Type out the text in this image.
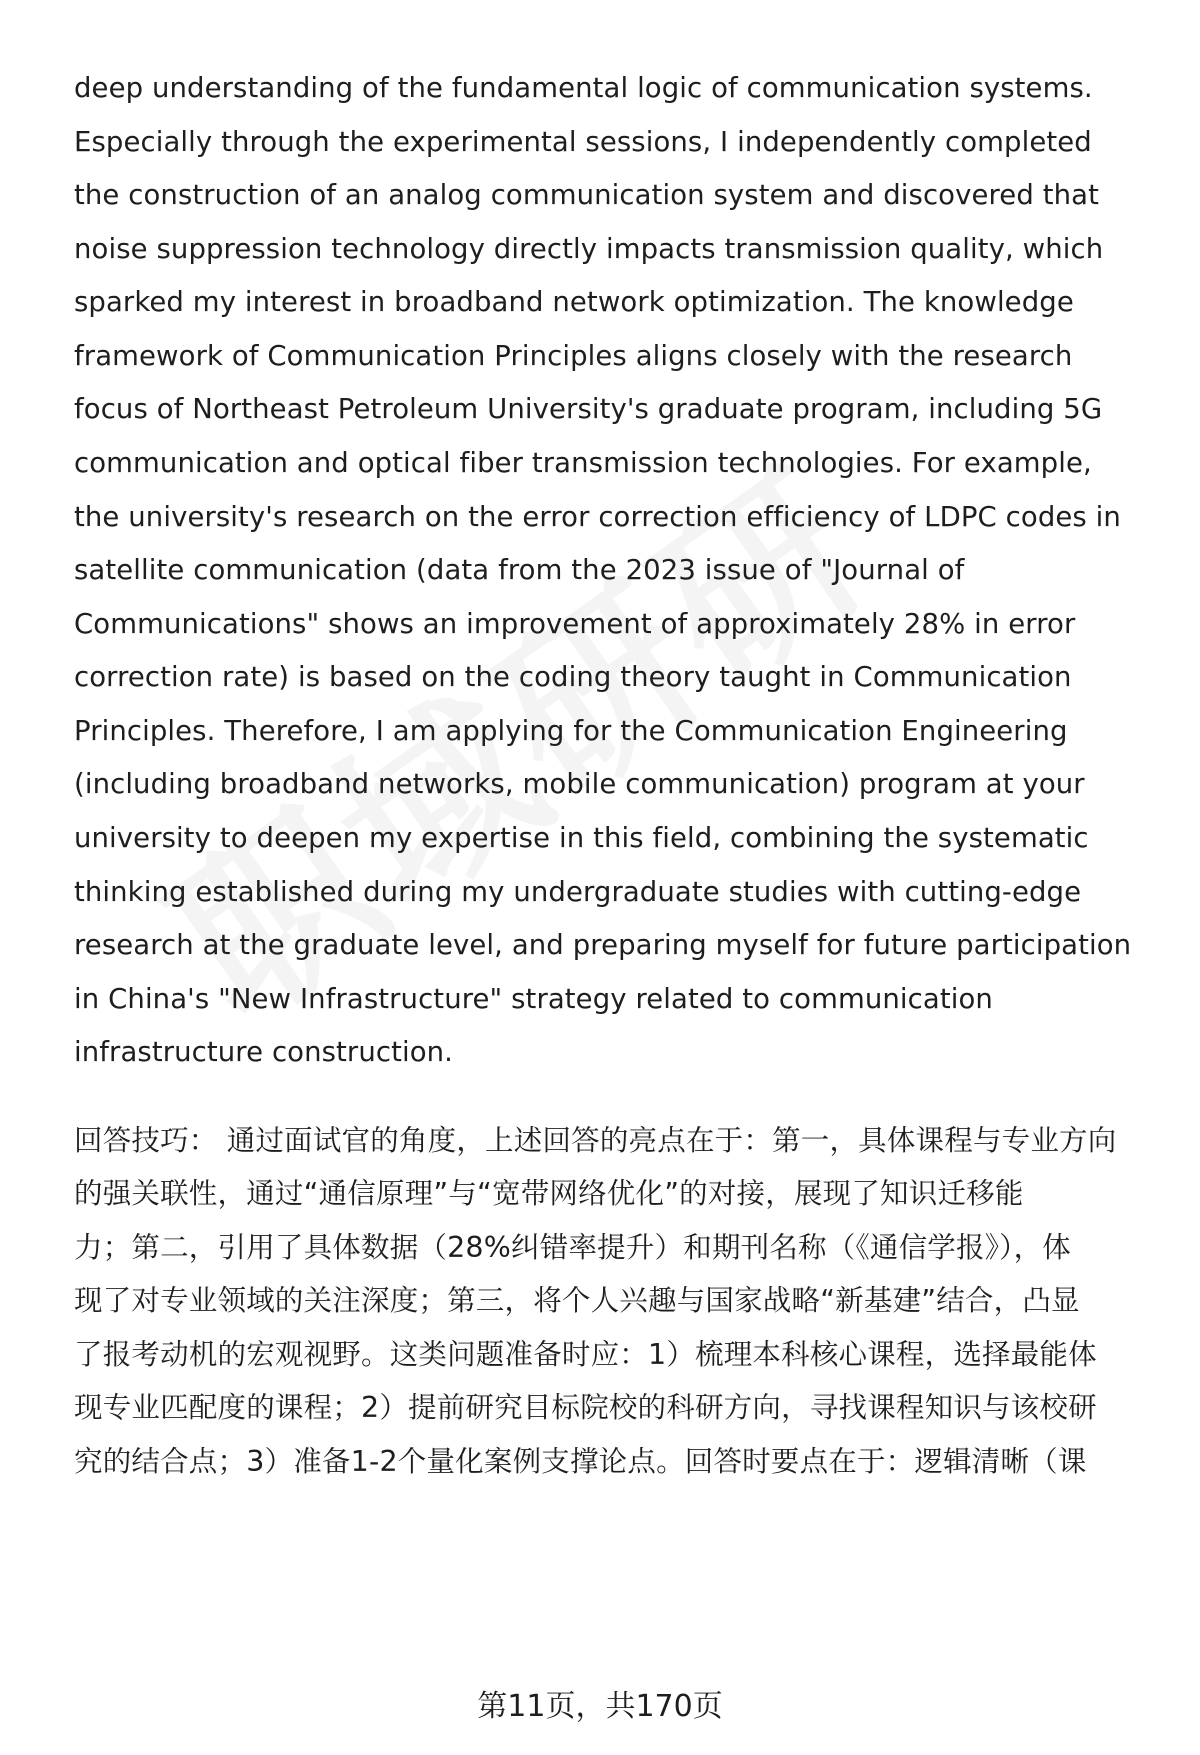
deep understanding of the fundamental logic of communication systems.

Especially through the experimental sessions, I independently completed

the construction of an analog communication system and discovered that

noise suppression technology directly impacts transmission quality, which

sparked my interest in broadband network optimization. The knowledge

framework of Communication Principles aligns closely with the research

focus of Northeast Petroleum University's graduate program, including 5G

communication and optical fiber transmission technologies. For example,

the university's research on the error correction efficiency of LDPC codes in

satellite communication (data from the 2023 issue of "Journal of

Communications" shows an improvement of approximately 28% in error

correction rate) is based on the coding theory taught in Communication

Principles. Therefore, I am applying for the Communication Engineering

(including broadband networks, mobile communication) program at your

university to deepen my expertise in this field, combining the systematic

thinking established during my undergraduate studies with cutting-edge

research at the graduate level, and preparing myself for future participation

in China's "New Infrastructure" strategy related to communication

infrastructure construction.

回答技巧： 通过面试官的角度，上述回答的亮点在于：第一，具体课程与专业方向

的强关联性，通过“通信原理”与“宽带网络优化”的对接，展现了知识迁移能

力；第二，引用了具体数据（28%纠错率提升）和期刊名称（《通信学报》），体

现了对专业领域的关注深度；第三，将个人兴趣与国家战略“新基建”结合，凸显

了报考动机的宏观视野。这类问题准备时应：1）梳理本科核心课程，选择最能体

现专业匹配度的课程；2）提前研究目标院校的科研方向，寻找课程知识与该校研

究的结合点；3）准备1-2个量化案例支撑论点。回答时要点在于：逻辑清晰（课

第11页，共170页
